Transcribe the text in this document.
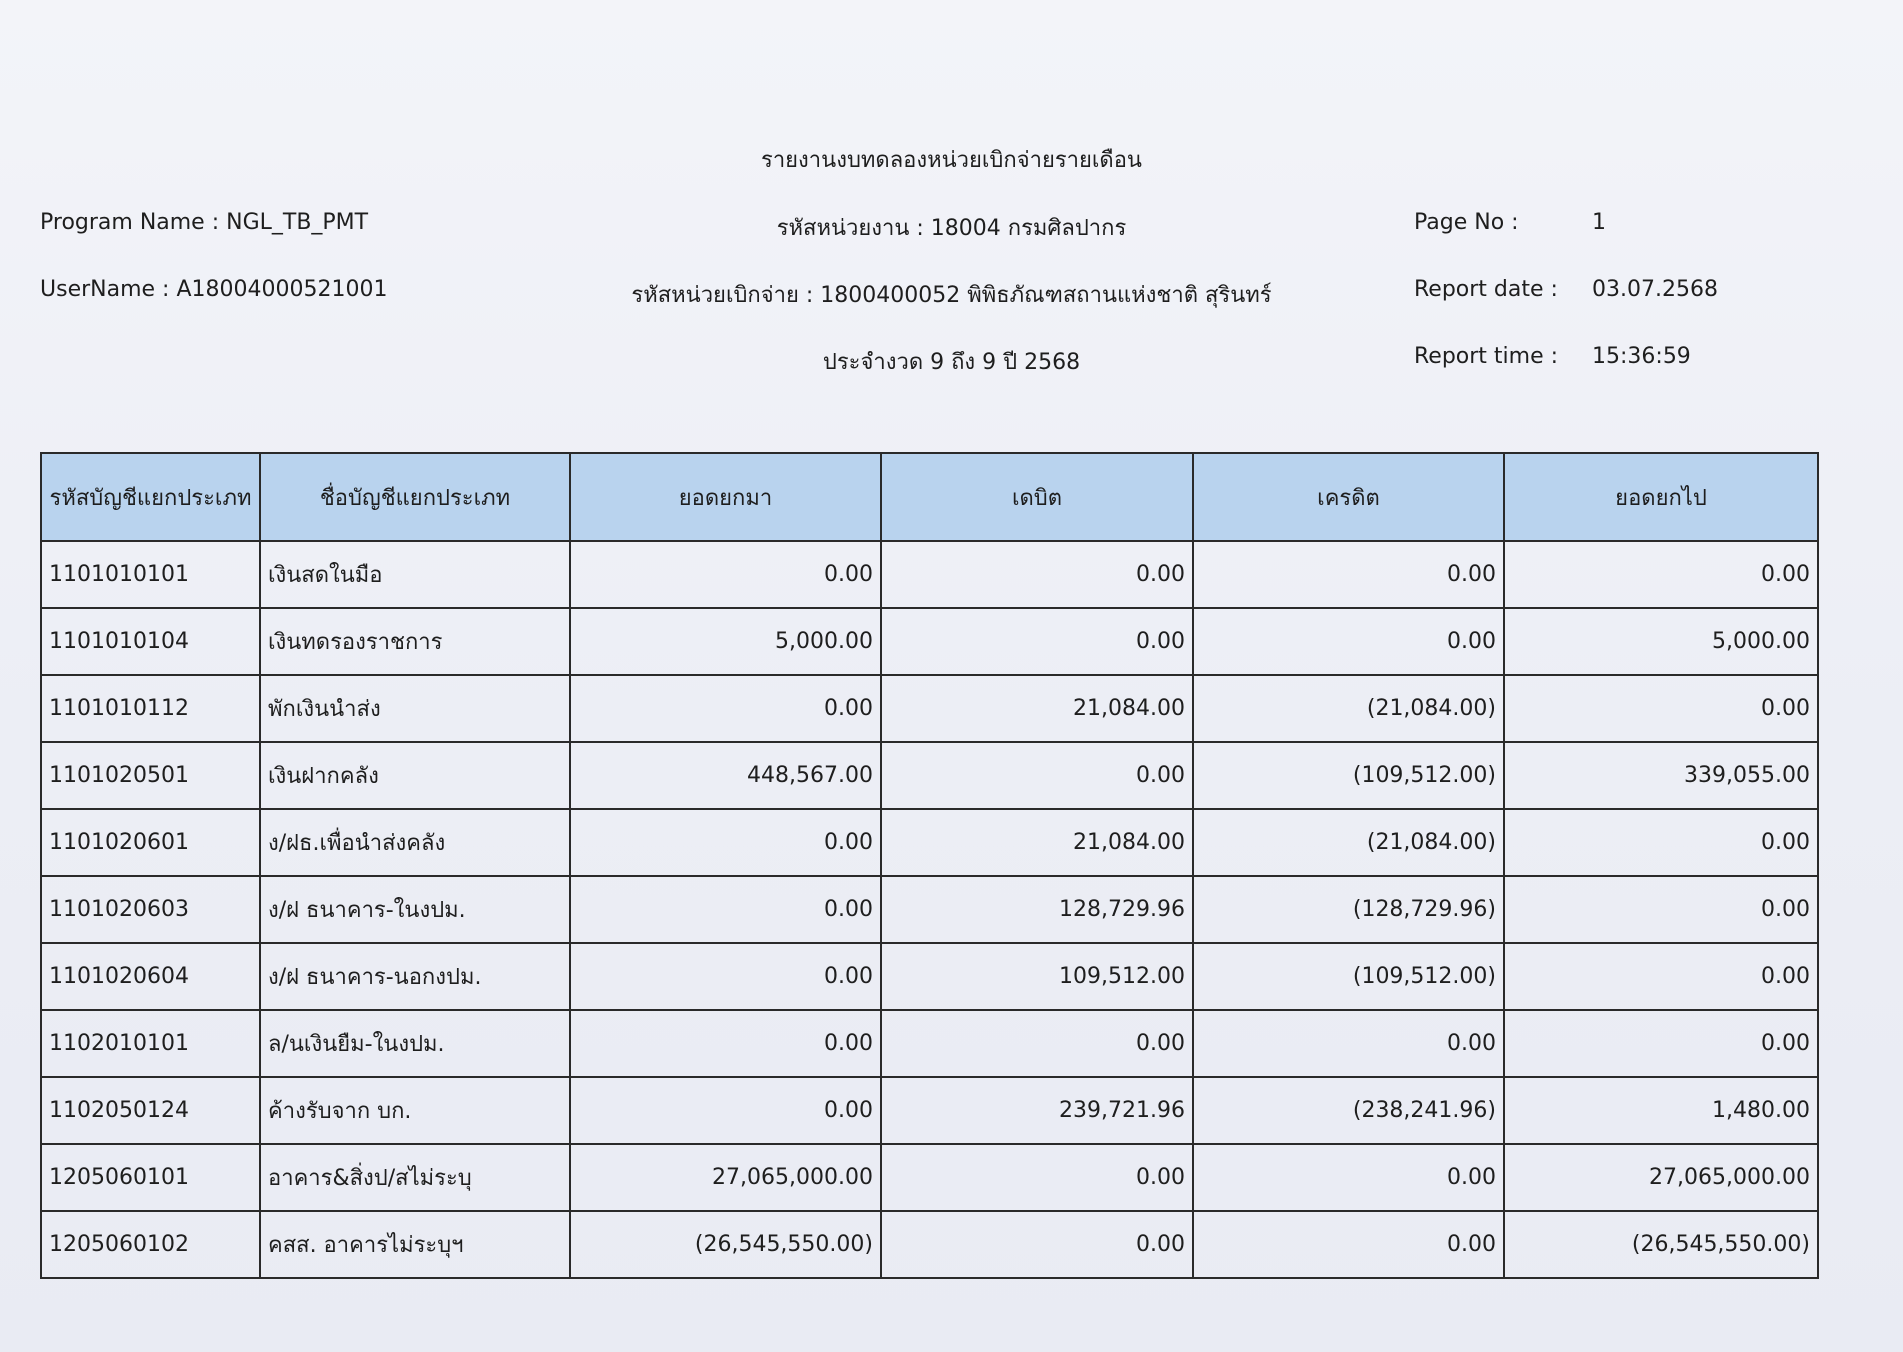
รายงานงบทดลองหน่วยเบิกจ่ายรายเดือน
Program Name : NGL_TB_PMT
UserName : A18004000521001
รหัสหน่วยงาน : 18004 กรมศิลปากร
รหัสหน่วยเบิกจ่าย : 1800400052 พิพิธภัณฑสถานแห่งชาติ สุรินทร์
ประจำงวด 9 ถึง 9 ปี 2568
Page No :	1
Report date : 03.07.2568
Report time : 15:36:59
รหัสบัญชีแยกประเภท	ชื่อบัญชีแยกประเภท	ยอดยกมา	เดบิต	เครดิต	ยอดยกไป
1101010101	เงินสดในมือ	0.00	0.00	0.00	0.00
1101010104	เงินทดรองราชการ	5,000.00	0.00	0.00	5,000.00
1101010112	พักเงินนำส่ง	0.00	21,084.00	(21,084.00)	0.00
1101020501	เงินฝากคลัง	448,567.00	0.00	(109,512.00)	339,055.00
1101020601	ง/ฝธ.เพื่อนำส่งคลัง	0.00	21,084.00	(21,084.00)	0.00
1101020603	ง/ฝ ธนาคาร-ในงปม.	0.00	128,729.96	(128,729.96)	0.00
1101020604	ง/ฝ ธนาคาร-นอกงปม.	0.00	109,512.00	(109,512.00)	0.00
1102010101	ล/นเงินยืม-ในงปม.	0.00	0.00	0.00	0.00
1102050124	ค้างรับจาก บก.	0.00	239,721.96	(238,241.96)	1,480.00
1205060101	อาคาร&สิ่งป/สไม่ระบุ	27,065,000.00	0.00	0.00	27,065,000.00
1205060102	คสส. อาคารไม่ระบุฯ	(26,545,550.00)	0.00	0.00	(26,545,550.00)
